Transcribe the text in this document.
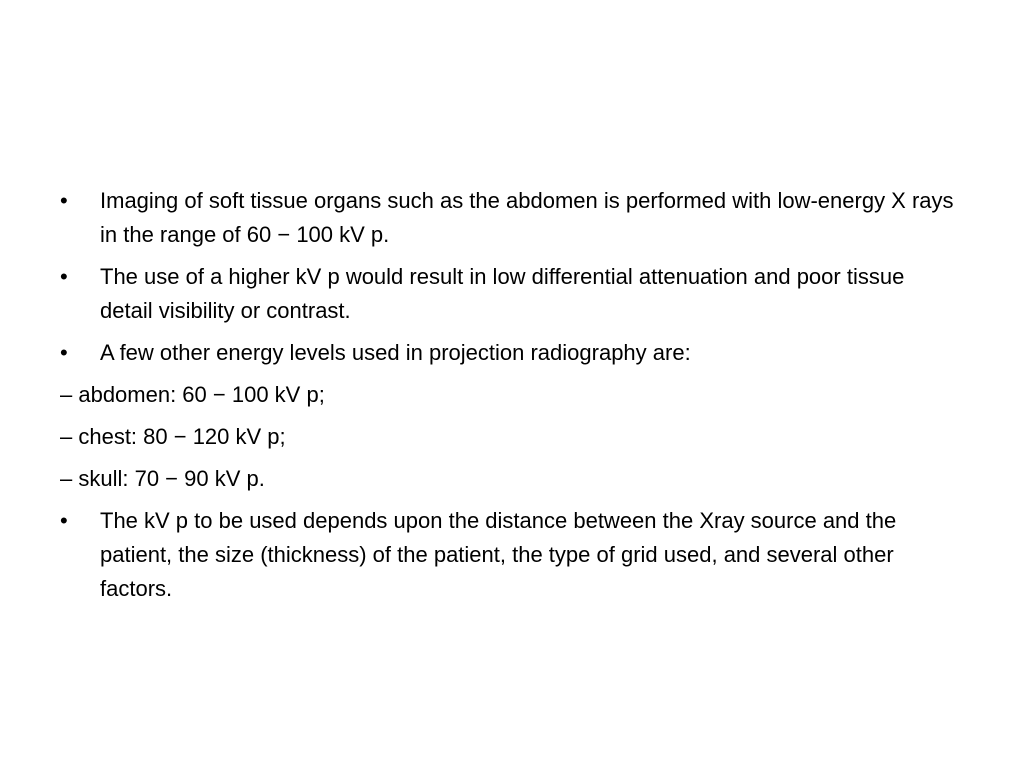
• Imaging of soft tissue organs such as the abdomen is performed with low-energy X rays in the range of 60 − 100 kV p.
• The use of a higher kV p would result in low differential attenuation and poor tissue detail visibility or contrast.
• A few other energy levels used in projection radiography are:
– abdomen: 60 − 100 kV p;
– chest: 80 − 120 kV p;
– skull: 70 − 90 kV p.
• The kV p to be used depends upon the distance between the Xray source and the patient, the size (thickness) of the patient, the type of grid used, and several other factors.
